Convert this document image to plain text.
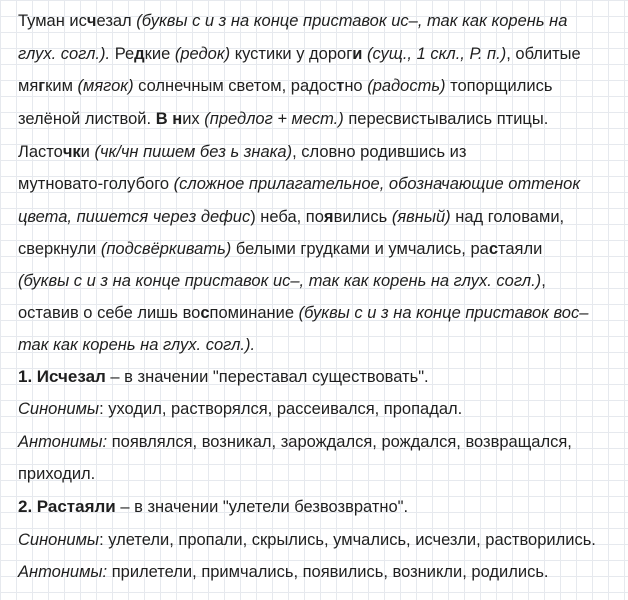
Туман исчезал (буквы с и з на конце приставок ис–, так как корень на
глух. согл.). Редкие (редок) кустики у дороги (сущ., 1 скл., Р. п.), облитые
мягким (мягок) солнечным светом, радостно (радость) топорщились
зелёной листвой. В них (предлог + мест.) пересвистывались птицы.
Ласточки (чк/чн пишем без ь знака), словно родившись из
мутновато-голубого (сложное прилагательное, обозначающие оттенок
цвета, пишется через дефис) неба, появились (явный) над головами,
сверкнули (подсвёркивать) белыми грудками и умчались, растаяли
(буквы с и з на конце приставок ис–, так как корень на глух. согл.),
оставив о себе лишь воспоминание (буквы с и з на конце приставок вос–
так как корень на глух. согл.).
1. Исчезал – в значении "переставал существовать".
Синонимы: уходил, растворялся, рассеивался, пропадал.
Антонимы: появлялся, возникал, зарождался, рождался, возвращался,
приходил.
2. Растаяли – в значении "улетели безвозвратно".
Синонимы: улетели, пропали, скрылись, умчались, исчезли, растворились.
Антонимы: прилетели, примчались, появились, возникли, родились.
